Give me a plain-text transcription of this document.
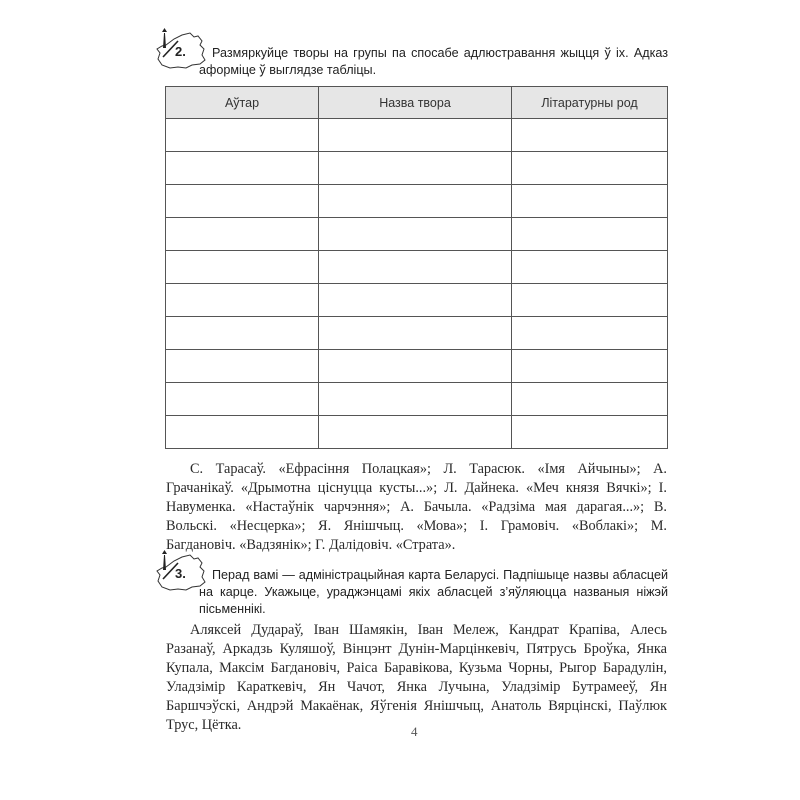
2.	Размяркуйце творы на групы па спосабе адлюстравання жыцця ў іх. Адказ аформіце ў выглядзе табліцы.
Аўтар	Назва твора	Літаратурны род

С. Тарасаў. «Ефрасіння Полацкая»; Л. Тарасюк. «Імя Айчыны»; А. Грачанікаў. «Дрымотна ціснуцца кусты...»; Л. Дайнека. «Меч князя Вячкі»; І. Навуменка. «Настаўнік чарчэння»; А. Бачыла. «Радзіма мая дарагая...»; В. Вольскі. «Несцерка»; Я. Янішчыц. «Мова»; І. Грамовіч. «Воблакі»; М. Багдановіч. «Вадзянік»; Г. Далідовіч. «Страта».

3.	Перад вамі — адміністрацыйная карта Беларусі. Падпішыце назвы абласцей на карце. Укажыце, ураджэнцамі якіх абласцей з’яўляюцца названыя ніжэй пісьменнікі.

Аляксей Дудараў, Іван Шамякін, Іван Мележ, Кандрат Крапіва, Алесь Разанаў, Аркадзь Куляшоў, Вінцэнт Дунін-Марцінкевіч, Пятрусь Броўка, Янка Купала, Максім Багдановіч, Раіса Баравікова, Кузьма Чорны, Рыгор Барадулін, Уладзімір Караткевіч, Ян Чачот, Янка Лучына, Уладзімір Бутрамееў, Ян Баршчэўскі, Андрэй Макаёнак, Яўгенія Янішчыц, Анатоль Вярцінскі, Паўлюк Трус, Цётка.	4
